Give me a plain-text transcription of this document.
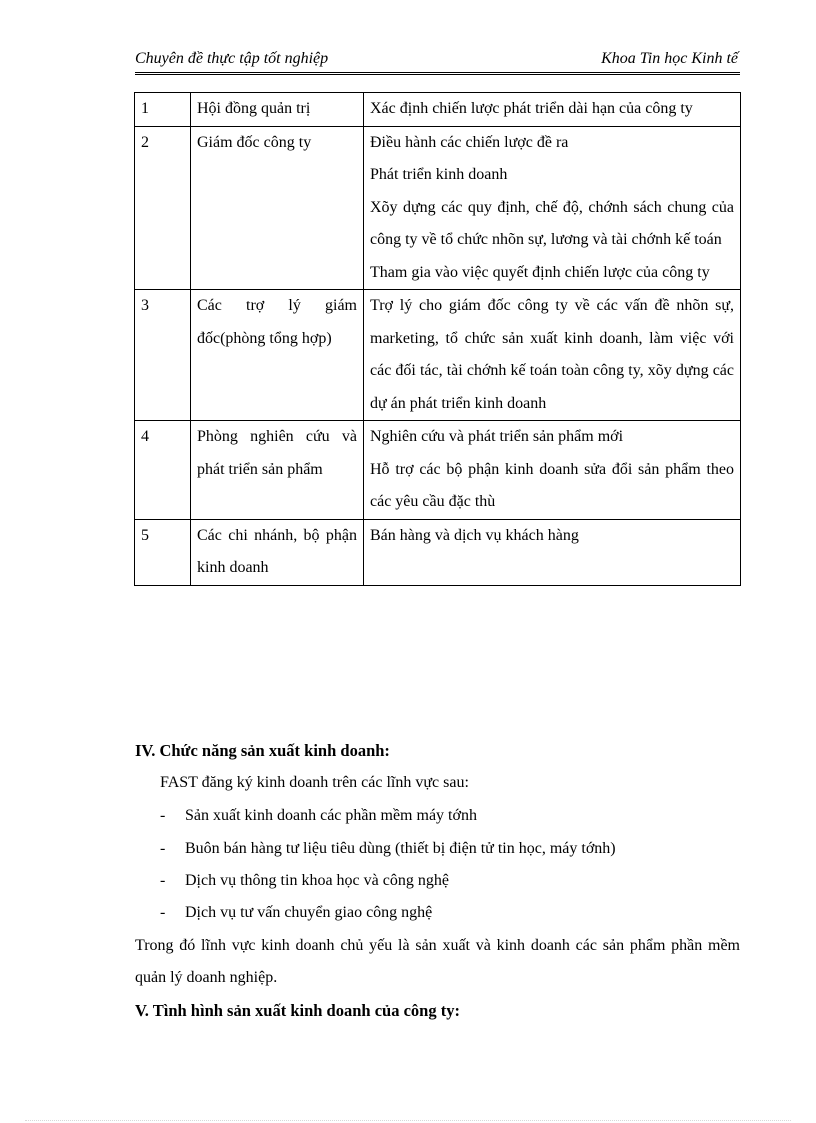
Chuyên đề thực tập tốt nghiệp	Khoa Tin học Kinh tế
1	Hội đồng quản trị	Xác định chiến lược phát triển dài hạn của công ty

2	Giám đốc công ty	Điều hành các chiến lược đề ra
Phát triển kinh doanh
Xõy dựng các quy định, chế độ, chớnh sách chung của công ty về tổ chức nhõn sự, lương và tài chớnh kế toán
Tham gia vào việc quyết định chiến lược của công ty

3	Các trợ lý giám đốc(phòng tổng hợp)	Trợ lý cho giám đốc công ty về các vấn đề nhõn sự, marketing, tổ chức sản xuất kinh doanh, làm việc với các đối tác, tài chớnh kế toán toàn công ty, xõy dựng các dự án phát triển kinh doanh

4	Phòng nghiên cứu và phát triển sản phẩm	Nghiên cứu và phát triển sản phẩm mới
Hỗ trợ các bộ phận kinh doanh sửa đổi sản phẩm theo các yêu cầu đặc thù

5	Các chi nhánh, bộ phận kinh doanh	Bán hàng và dịch vụ khách hàng
IV. Chức năng sản xuất kinh doanh:
FAST đăng ký kinh doanh trên các lĩnh vực sau:
- Sản xuất kinh doanh các phần mềm máy tớnh
- Buôn bán hàng tư liệu tiêu dùng (thiết bị điện tử tin học, máy tớnh)
- Dịch vụ thông tin khoa học và công nghệ
- Dịch vụ tư vấn chuyển giao công nghệ
Trong đó lĩnh vực kinh doanh chủ yếu là sản xuất và kinh doanh các sản phẩm phần mềm quản lý doanh nghiệp.
V. Tình hình sản xuất kinh doanh của công ty:
